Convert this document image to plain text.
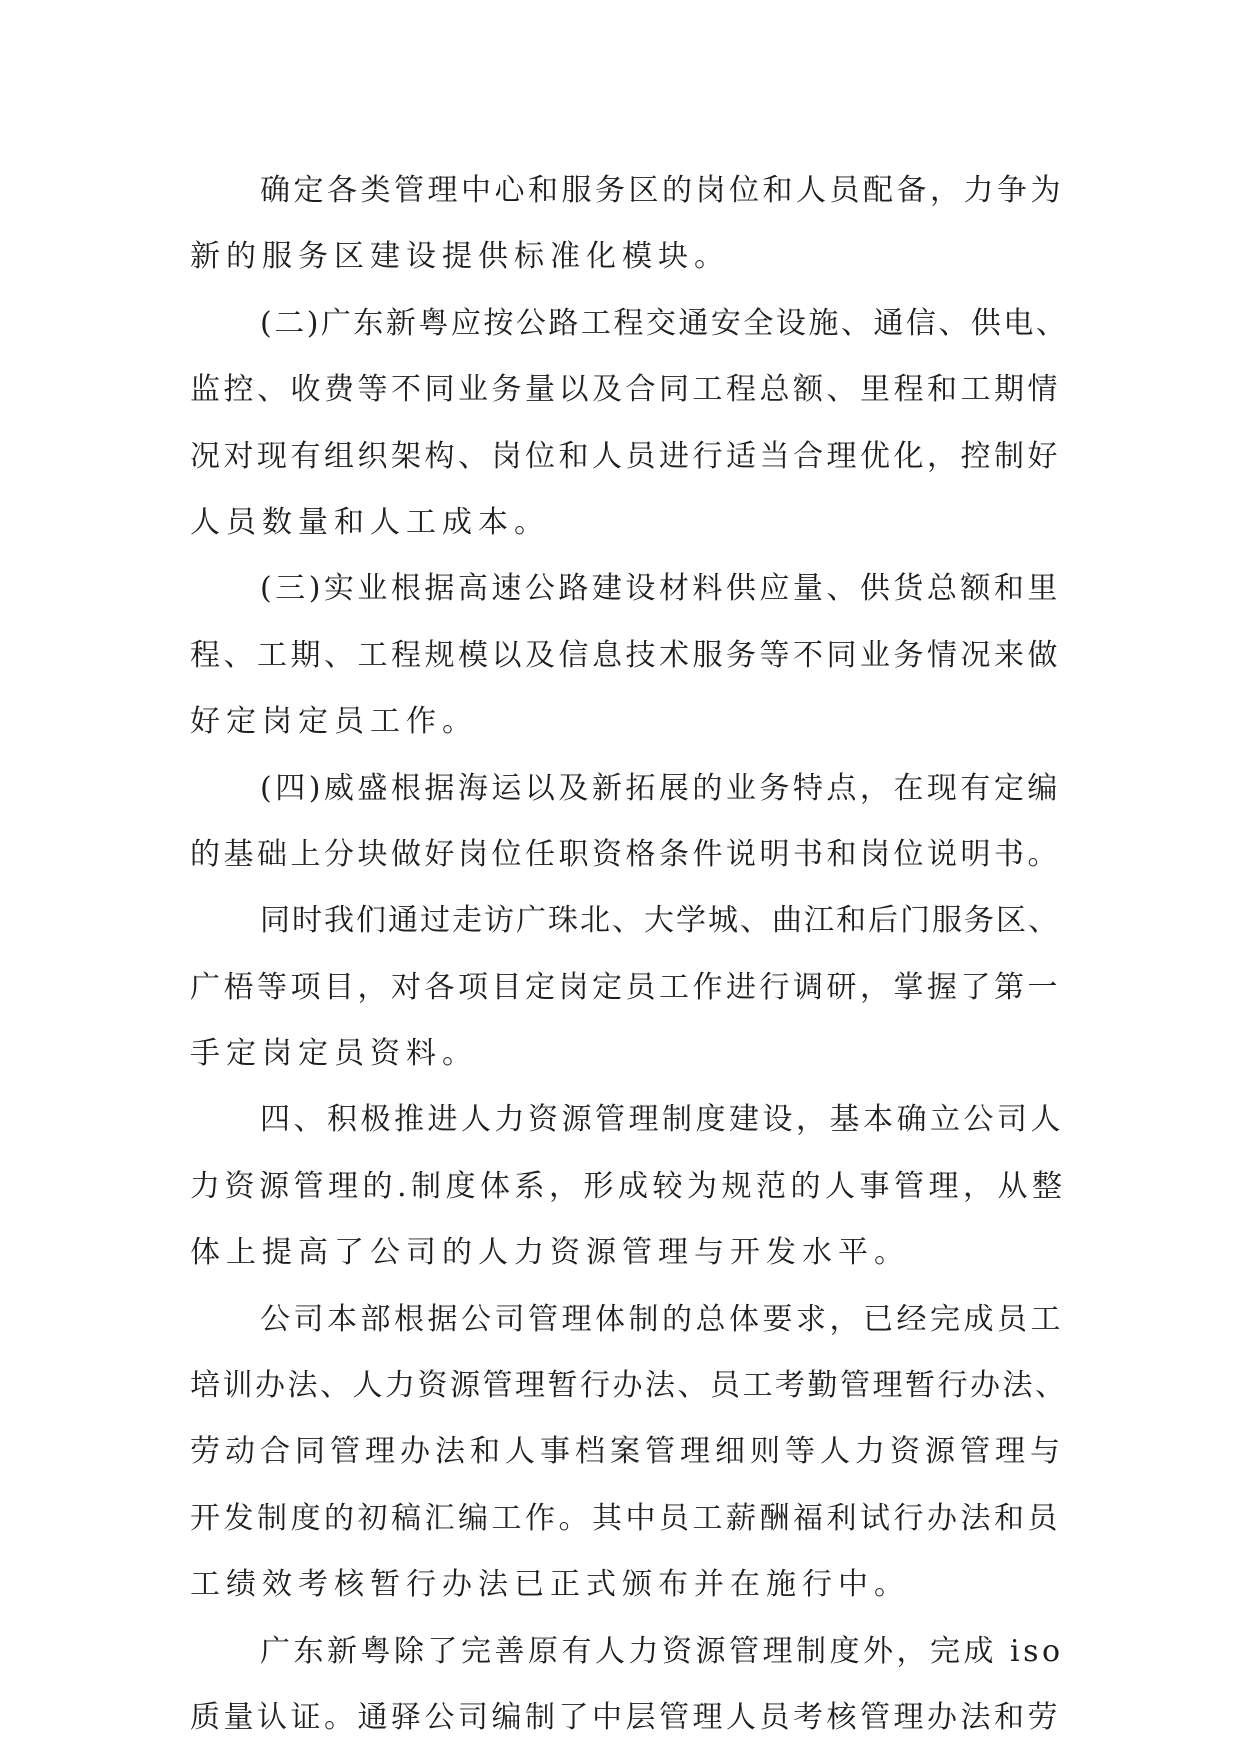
确定各类管理中心和服务区的岗位和人员配备，力争为
新的服务区建设提供标准化模块。
(二)广东新粤应按公路工程交通安全设施、通信、供电、
监控、收费等不同业务量以及合同工程总额、里程和工期情
况对现有组织架构、岗位和人员进行适当合理优化，控制好
人员数量和人工成本。
(三)实业根据高速公路建设材料供应量、供货总额和里
程、工期、工程规模以及信息技术服务等不同业务情况来做
好定岗定员工作。
(四)威盛根据海运以及新拓展的业务特点，在现有定编
的基础上分块做好岗位任职资格条件说明书和岗位说明书。
同时我们通过走访广珠北、大学城、曲江和后门服务区、
广梧等项目，对各项目定岗定员工作进行调研，掌握了第一
手定岗定员资料。
四、积极推进人力资源管理制度建设，基本确立公司人
力资源管理的.制度体系，形成较为规范的人事管理，从整
体上提高了公司的人力资源管理与开发水平。
公司本部根据公司管理体制的总体要求，已经完成员工
培训办法、人力资源管理暂行办法、员工考勤管理暂行办法、
劳动合同管理办法和人事档案管理细则等人力资源管理与
开发制度的初稿汇编工作。其中员工薪酬福利试行办法和员
工绩效考核暂行办法已正式颁布并在施行中。
广东新粤除了完善原有人力资源管理制度外，完成 iso
质量认证。通驿公司编制了中层管理人员考核管理办法和劳
